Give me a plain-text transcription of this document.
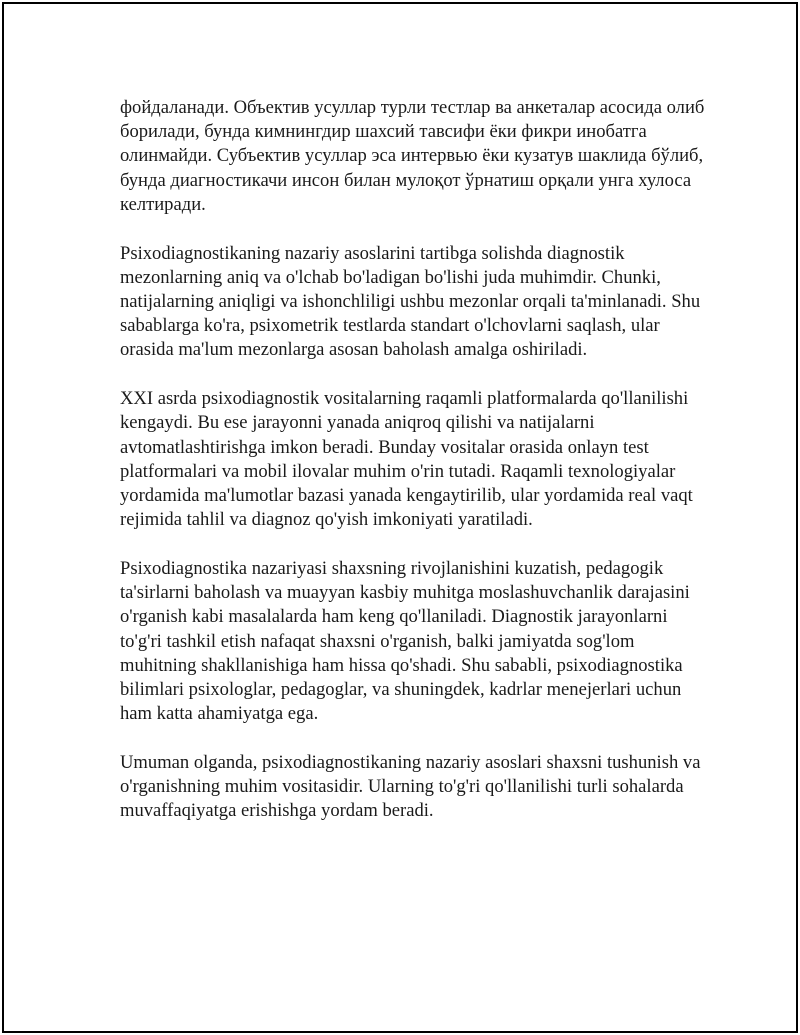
фойдаланади. Объектив усуллар турли тестлар ва анкеталар асосида олиб борилади, бунда кимнингдир шахсий тавсифи ёки фикри инобатга олинмайди. Субъектив усуллар эса интервью ёки кузатув шаклида бўлиб, бунда диагностикачи инсон билан мулоқот ўрнатиш орқали унга хулоса келтиради.

Psixodiagnostikaning nazariy asoslarini tartibga solishda diagnostik mezonlarning aniq va o'lchab bo'ladigan bo'lishi juda muhimdir. Chunki, natijalarning aniqligi va ishonchliligi ushbu mezonlar orqali ta'minlanadi. Shu sabablarga ko'ra, psixometrik testlarda standart o'lchovlarni saqlash, ular orasida ma'lum mezonlarga asosan baholash amalga oshiriladi.

XXI asrda psixodiagnostik vositalarning raqamli platformalarda qo'llanilishi kengaydi. Bu ese jarayonni yanada aniqroq qilishi va natijalarni avtomatlashtirishga imkon beradi. Bunday vositalar orasida onlayn test platformalari va mobil ilovalar muhim o'rin tutadi. Raqamli texnologiyalar yordamida ma'lumotlar bazasi yanada kengaytirilib, ular yordamida real vaqt rejimida tahlil va diagnoz qo'yish imkoniyati yaratiladi.

Psixodiagnostika nazariyasi shaxsning rivojlanishini kuzatish, pedagogik ta'sirlarni baholash va muayyan kasbiy muhitga moslashuvchanlik darajasini o'rganish kabi masalalarda ham keng qo'llaniladi. Diagnostik jarayonlarni to'g'ri tashkil etish nafaqat shaxsni o'rganish, balki jamiyatda sog'lom muhitning shakllanishiga ham hissa qo'shadi. Shu sababli, psixodiagnostika bilimlari psixologlar, pedagoglar, va shuningdek, kadrlar menejerlari uchun ham katta ahamiyatga ega.

Umuman olganda, psixodiagnostikaning nazariy asoslari shaxsni tushunish va o'rganishning muhim vositasidir. Ularning to'g'ri qo'llanilishi turli sohalarda muvaffaqiyatga erishishga yordam beradi.
